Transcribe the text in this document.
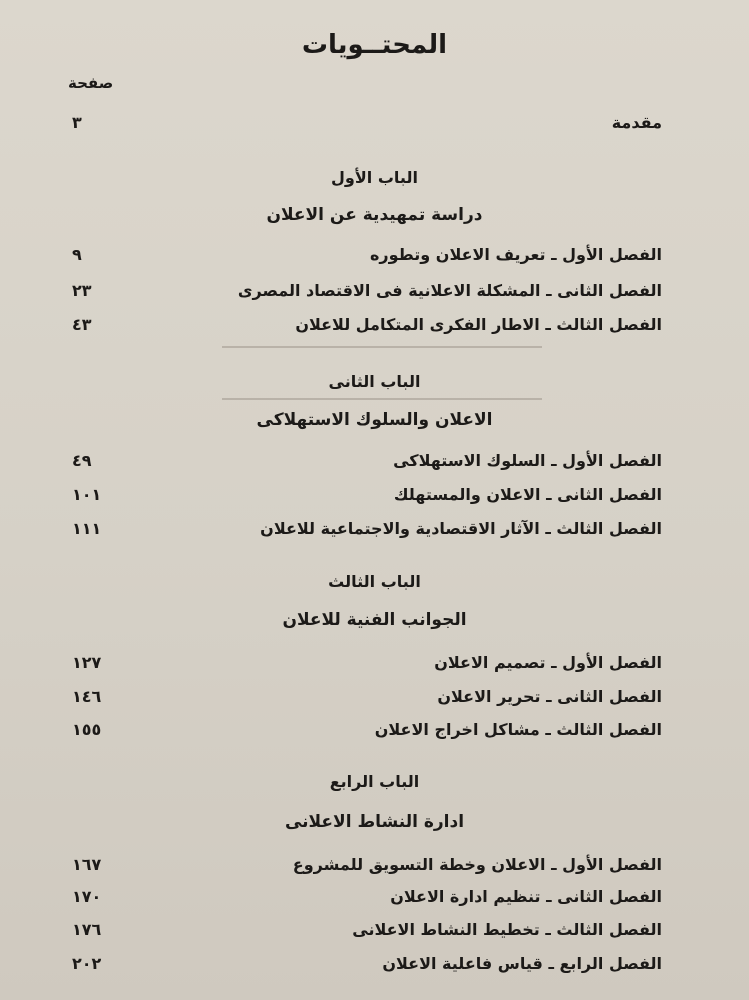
المحتــويات
صفحة
مقدمة
٣
الباب الأول
دراسة تمهيدية عن الاعلان
الفصل الأول ـ تعريف الاعلان وتطوره
٩
الفصل الثانى ـ المشكلة الاعلانية فى الاقتصاد المصرى
٢٣
الفصل الثالث ـ الاطار الفكرى المتكامل للاعلان
٤٣
الباب الثانى
الاعلان والسلوك الاستهلاكى
الفصل الأول ـ السلوك الاستهلاكى
٤٩
الفصل الثانى ـ الاعلان والمستهلك
١٠١
الفصل الثالث ـ الآثار الاقتصادية والاجتماعية للاعلان
١١١
الباب الثالث
الجوانب الفنية للاعلان
الفصل الأول ـ تصميم الاعلان
١٢٧
الفصل الثانى ـ تحرير الاعلان
١٤٦
الفصل الثالث ـ مشاكل اخراج الاعلان
١٥٥
الباب الرابع
ادارة النشاط الاعلانى
الفصل الأول ـ الاعلان وخطة التسويق للمشروع
١٦٧
الفصل الثانى ـ تنظيم ادارة الاعلان
١٧٠
الفصل الثالث ـ تخطيط النشاط الاعلانى
١٧٦
الفصل الرابع ـ قياس فاعلية الاعلان
٢٠٢
